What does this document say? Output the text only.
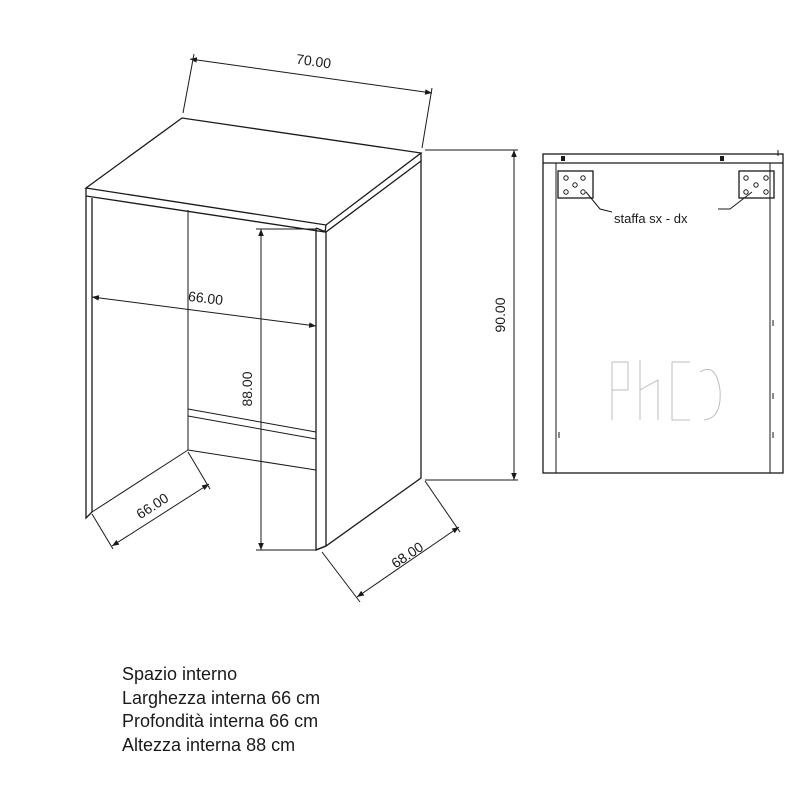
70.00
90.00
66.00
88.00
66.00
68.00
staffa sx - dx
Spazio interno
Larghezza interna 66 cm
Profondità interna 66 cm
Altezza interna 88 cm
